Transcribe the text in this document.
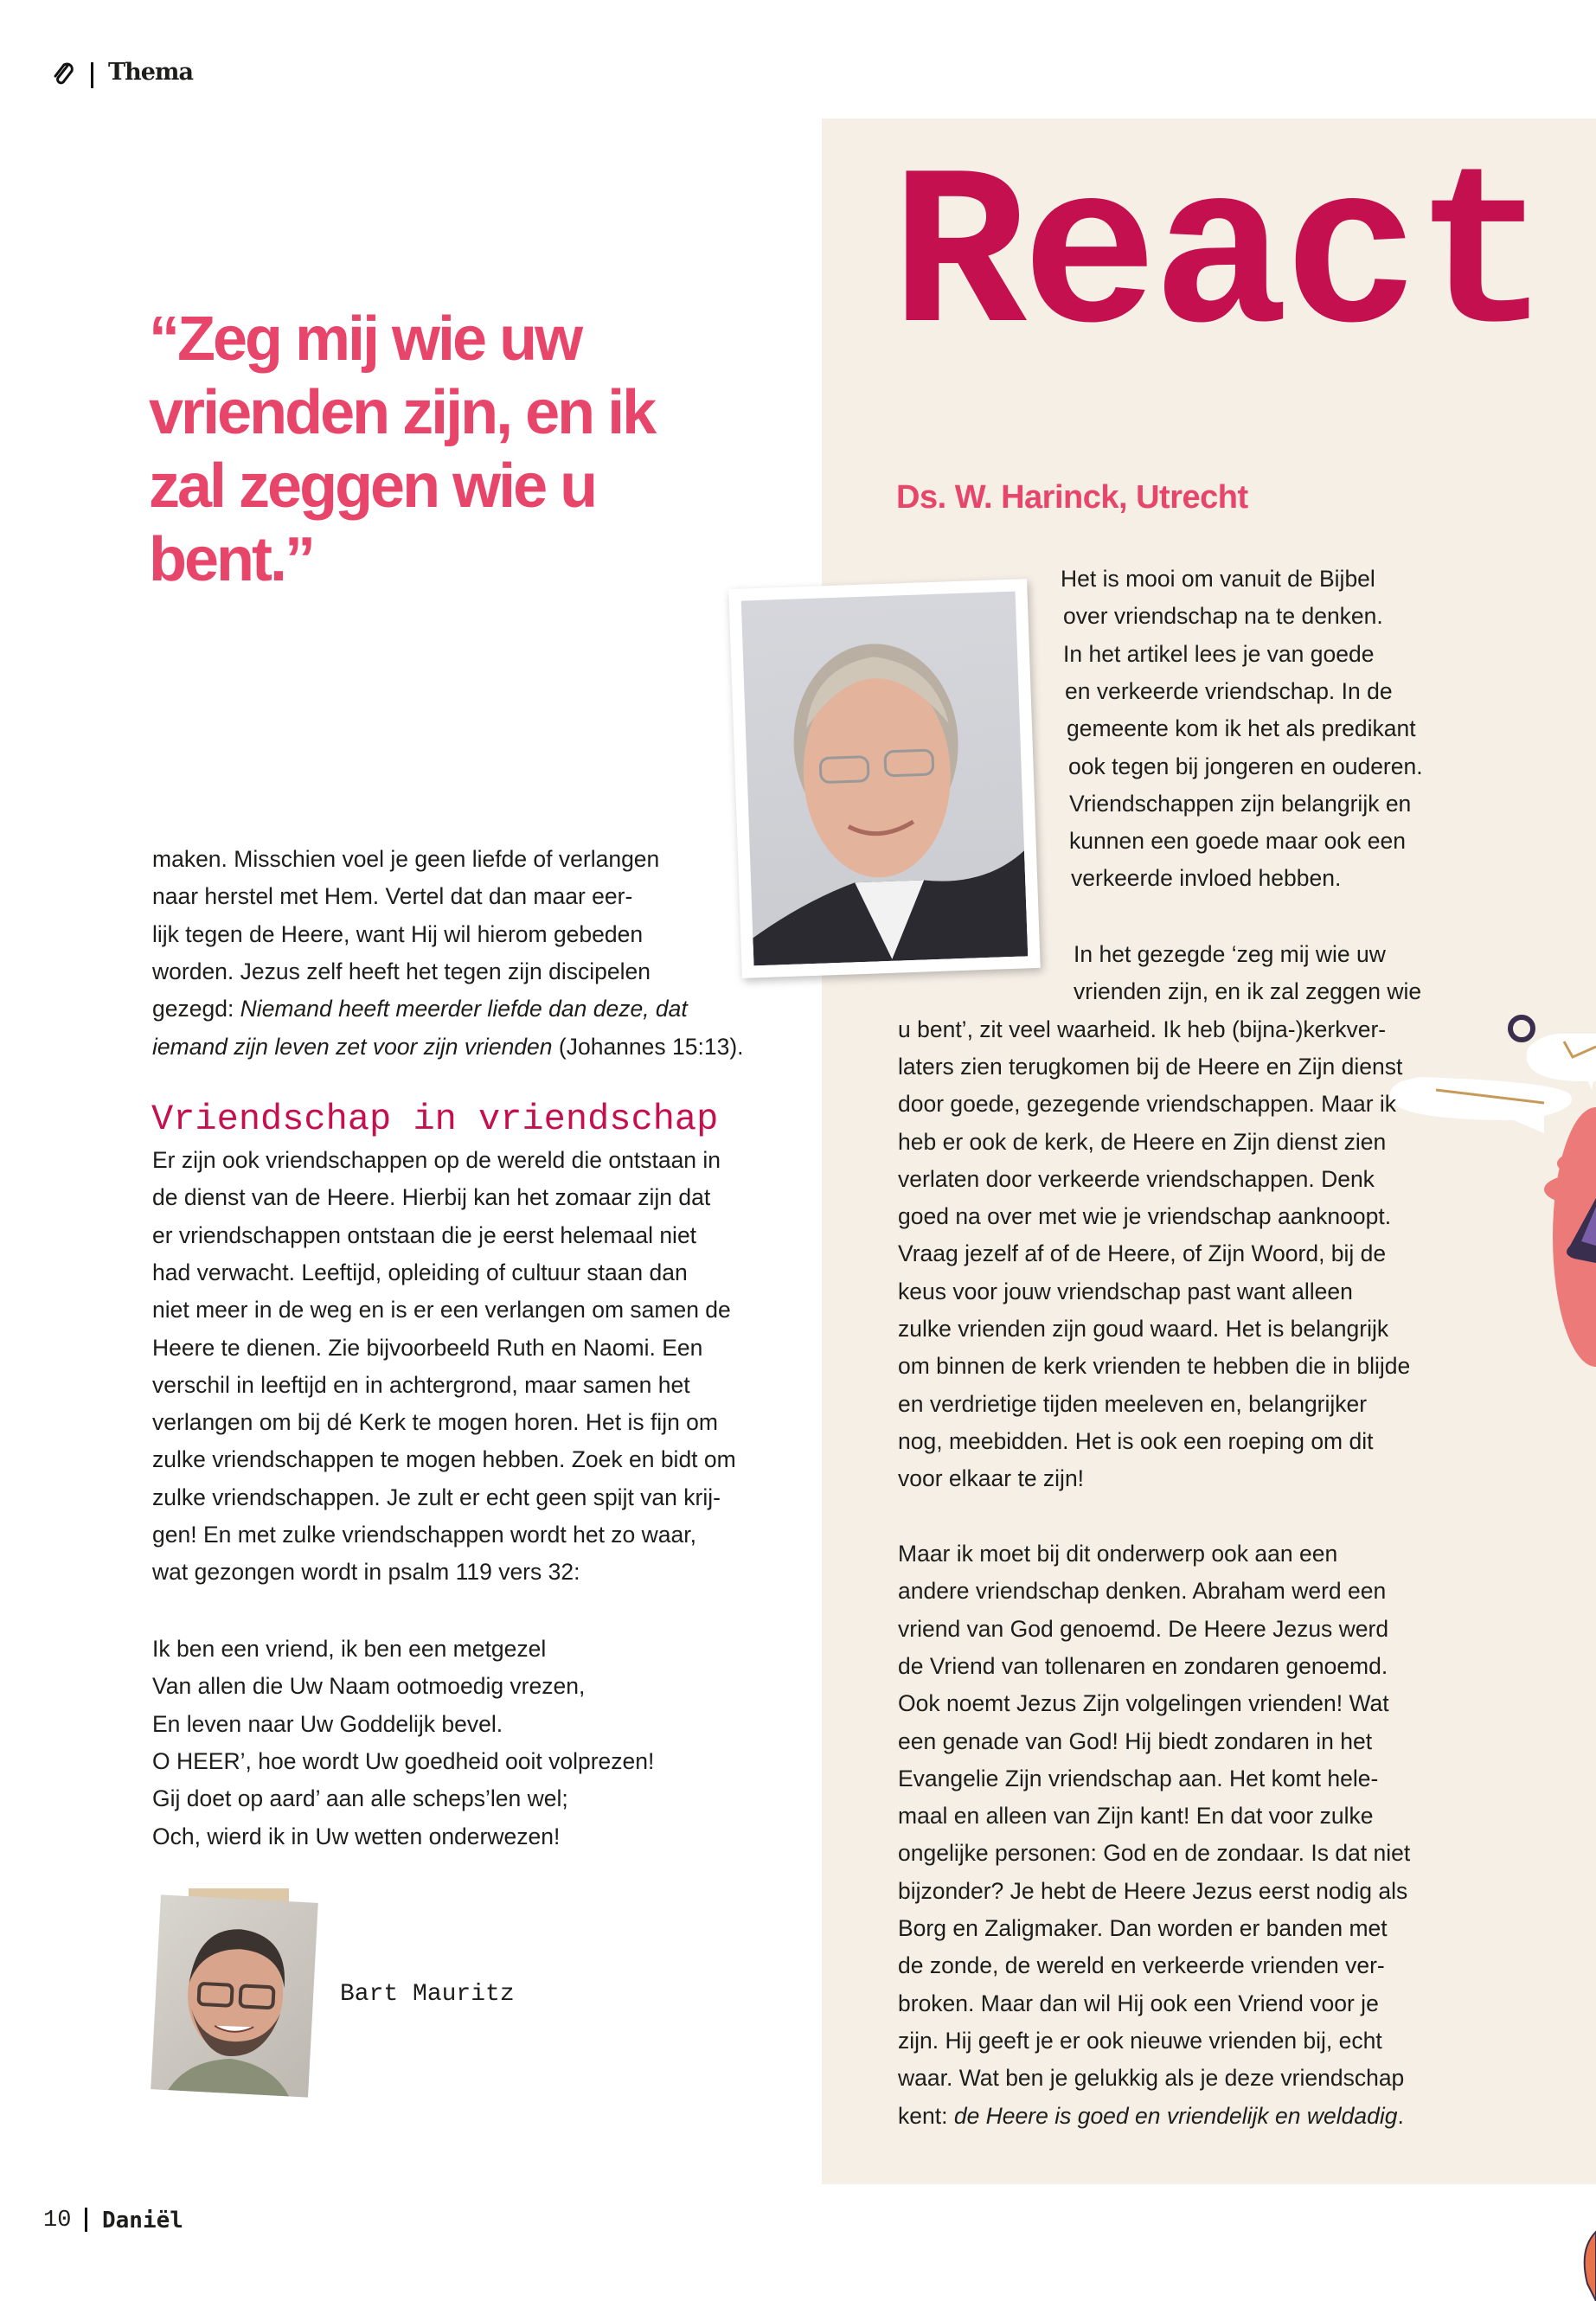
Thema
React
“Zeg mij wie uw vrienden zijn, en ik zal zeggen wie u bent.”
Vriendschap in vriendschap
Ds. W. Harinck, Utrecht
Bart Mauritz
10 Daniël
maken. Misschien voel je geen liefde of verlangen
naar herstel met Hem. Vertel dat dan maar eer-
lijk tegen de Heere, want Hij wil hierom gebeden
worden. Jezus zelf heeft het tegen zijn discipelen
gezegd: Niemand heeft meerder liefde dan deze, dat
iemand zijn leven zet voor zijn vrienden (Johannes 15:13).
Er zijn ook vriendschappen op de wereld die ontstaan in
de dienst van de Heere. Hierbij kan het zomaar zijn dat
er vriendschappen ontstaan die je eerst helemaal niet
had verwacht. Leeftijd, opleiding of cultuur staan dan
niet meer in de weg en is er een verlangen om samen de
Heere te dienen. Zie bijvoorbeeld Ruth en Naomi. Een
verschil in leeftijd en in achtergrond, maar samen het
verlangen om bij dé Kerk te mogen horen. Het is fijn om
zulke vriendschappen te mogen hebben. Zoek en bidt om
zulke vriendschappen. Je zult er echt geen spijt van krij-
gen! En met zulke vriendschappen wordt het zo waar,
wat gezongen wordt in psalm 119 vers 32:
Ik ben een vriend, ik ben een metgezel
Van allen die Uw Naam ootmoedig vrezen,
En leven naar Uw Goddelijk bevel.
O HEER’, hoe wordt Uw goedheid ooit volprezen!
Gij doet op aard’ aan alle scheps’len wel;
Och, wierd ik in Uw wetten onderwezen!
Het is mooi om vanuit de Bijbel
over vriendschap na te denken.
In het artikel lees je van goede
en verkeerde vriendschap. In de
gemeente kom ik het als predikant
ook tegen bij jongeren en ouderen.
Vriendschappen zijn belangrijk en
kunnen een goede maar ook een
verkeerde invloed hebben.
In het gezegde ‘zeg mij wie uw
vrienden zijn, en ik zal zeggen wie
u bent’, zit veel waarheid. Ik heb (bijna-)kerkver-
laters zien terugkomen bij de Heere en Zijn dienst
door goede, gezegende vriendschappen. Maar ik
heb er ook de kerk, de Heere en Zijn dienst zien
verlaten door verkeerde vriendschappen. Denk
goed na over met wie je vriendschap aanknoopt.
Vraag jezelf af of de Heere, of Zijn Woord, bij de
keus voor jouw vriendschap past want alleen
zulke vrienden zijn goud waard. Het is belangrijk
om binnen de kerk vrienden te hebben die in blijde
en verdrietige tijden meeleven en, belangrijker
nog, meebidden. Het is ook een roeping om dit
voor elkaar te zijn!
Maar ik moet bij dit onderwerp ook aan een
andere vriendschap denken. Abraham werd een
vriend van God genoemd. De Heere Jezus werd
de Vriend van tollenaren en zondaren genoemd.
Ook noemt Jezus Zijn volgelingen vrienden! Wat
een genade van God! Hij biedt zondaren in het
Evangelie Zijn vriendschap aan. Het komt hele-
maal en alleen van Zijn kant! En dat voor zulke
ongelijke personen: God en de zondaar. Is dat niet
bijzonder? Je hebt de Heere Jezus eerst nodig als
Borg en Zaligmaker. Dan worden er banden met
de zonde, de wereld en verkeerde vrienden ver-
broken. Maar dan wil Hij ook een Vriend voor je
zijn. Hij geeft je er ook nieuwe vrienden bij, echt
waar. Wat ben je gelukkig als je deze vriendschap
kent: de Heere is goed en vriendelijk en weldadig.
